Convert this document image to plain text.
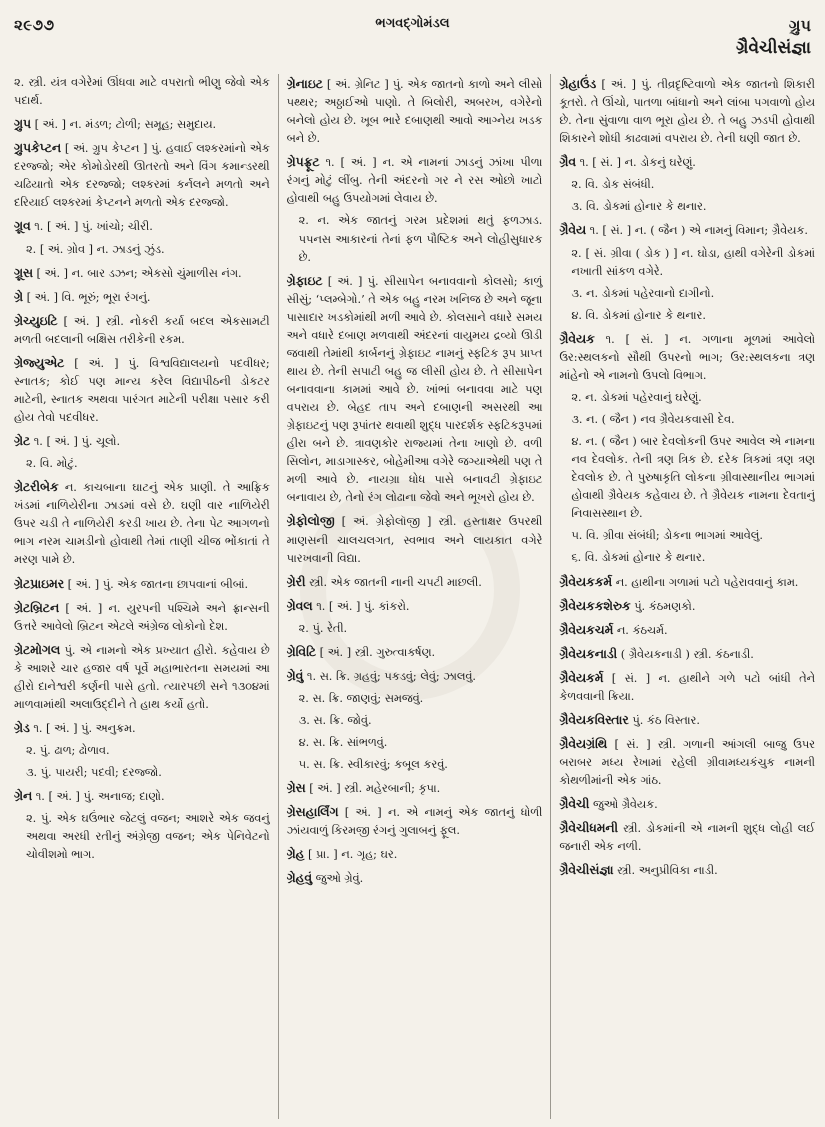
૨૯૭૭	ભગવદ્ગોમંડલ	ગ્રુપ
ગ્રૈવેચીસંજ્ઞા

૨. સ્ત્રી. યંત્ર વગેરેમાં ઊંધવા માટે વપરાતો ભીણુ જેવો એક પદાર્થ.

ગ્રુપ [ અં. ] ન. મંડળ; ટોળી; સમૂહ; સમુદાય.

ગ્રુપકેપ્ટન [ અં. ગ્રુપ કેપ્ટન ] પું. હવાઈ લશ્કરમાંનો એક દરજ્જો; એર કોમોડોરથી ઊતરતો અને વિંગ કમાન્ડરથી ચઢિયાતો એક દરજ્જો; લશ્કરમાં કર્નલને મળતો અને દરિયાઈ લશ્કરમાં કેપ્ટનને મળતો એક દરજ્જો.

ગ્રૂવ ૧. [ અં. ] પું. ખાંચો; ચીરી.

૨. [ અં. ગ્રોવ ] ન. ઝાડનું ઝુંડ.

ગ્રૂસ [ અં. ] ન. બાર ડઝન; એકસો ચુંમાળીસ નંગ.

ગ્રે [ અં. ] વિ. ભૂરું; ભૂરા રંગનું.

ગ્રેચ્યુઇટિ [ અં. ] સ્ત્રી. નોકરી કર્યા બદલ એકસામટી મળતી બદલાની બક્ષિસ તરીકેની રકમ.

ગ્રેજ્યુએટ [ અં. ] પું. વિશ્વવિદ્યાલયનો પદવીધર; સ્નાતક; કોઈ પણ માન્ય કરેલ વિદ્યાપીઠની ડોકટર માટેની, સ્નાતક અથવા પારંગત માટેની પરીક્ષા પસાર કરી હોય તેવો પદવીધર.

ગ્રેટ ૧. [ અં. ] પું. ચૂલો.

૨. વિ. મોટું.

ગ્રેટરીબેક ન. કાચબાના ઘાટનું એક પ્રાણી. તે આફ્રિક ખંડમાં નાળિયેરીના ઝાડમાં વસે છે. ઘણી વાર નાળિયેરી ઉપર ચડી તે નાળિયેરી કરડી ખાય છે. તેના પેટ આગળનો ભાગ નરમ ચામડીનો હોવાથી તેમાં તાણી ચીજ ભોંકાતાં તે મરણ પામે છે.

ગ્રેટપ્રાઇમર [ અં. ] પું. એક જાતના છાપવાનાં બીબાં.

ગ્રેટબ્રિટન [ અં. ] ન. યુરપની પશ્ચિમે અને ફ્રાન્સની ઉત્તરે આવેલો બ્રિટન એટલે અંગ્રેજ લોકોનો દેશ.

ગ્રેટમોગલ પું. એ નામનો એક પ્રખ્યાત હીરો. કહેવાય છે કે આશરે ચાર હજાર વર્ષ પૂર્વે મહાભારતના સમયમાં આ હીરો દાનેશ્વરી કર્ણની પાસે હતો. ત્યારપછી સને ૧૩૦૪માં માળવામાંથી અલાઉદ્દીને તે હાથ કર્યો હતો.

ગ્રેડ ૧. [ અં. ] પું. અનુક્રમ.

૨. પું. ઢાળ; ઢોળાવ.

૩. પું. પાયરી; પદવી; દરજ્જો.

ગ્રેન ૧. [ અં. ] પું. અનાજ; દાણો.

૨. પું. એક ઘઉંભાર જેટલું વજન; આશરે એક જવનું અથવા અરધી રતીનું અંગ્રેજી વજન; એક પેનિવેટનો ચોવીશમો ભાગ.

ગ્રેનાઇટ [ અં. ગ્રેનિટ ] પું. એક જાતનો કાળો અને લીસો પથ્થર; અઠ્ઠાઈઓ પાણો. તે બિલોરી, અબરખ, વગેરેનો બનેલો હોય છે. ખૂબ ભારે દબાણથી આવો આગ્નેય ખડક બને છે.

ગ્રેપફ્રૂટ ૧. [ અં. ] ન. એ નામનાં ઝાડનું ઝાંખા પીળા રંગનું મોટું લીંબુ. તેની અંદરનો ગર ને રસ ઓછો ખાટો હોવાથી બહુ ઉપયોગમાં લેવાય છે.

૨. ન. એક જાતનું ગરમ પ્રદેશમાં થતું ફળઝાડ. પપનસ આકારનાં તેનાં ફળ પૌષ્ટિક અને લોહીસુધારક છે.

ગ્રેફાઇટ [ અં. ] પું. સીસાપેન બનાવવાનો કોલસો; કાળું સીસું; ‘પ્લમ્બેગો.’ તે એક બહુ નરમ ખનિજ છે અને જૂના પાસાદાર ખડકોમાંથી મળી આવે છે. કોલસાને વધારે સમય અને વધારે દબાણ મળવાથી અંદરનાં વાયુમય દ્રવ્યો ઊડી જવાથી તેમાંથી કાર્બનનું ગ્રેફાઇટ નામનું સ્ફટિક રૂપ પ્રાપ્ત થાય છે. તેની સપાટી બહુ જ લીસી હોય છે. તે સીસાપેન બનાવવાના કામમાં આવે છે. ખાંભાં બનાવવા માટે પણ વપરાય છે. બેહદ તાપ અને દબાણની અસરથી આ ગ્રેફાઇટનું પણ રૂપાંતર થવાથી શુદ્ધ પારદર્શક સ્ફટિકરૂપમાં હીરા બને છે. ત્રાવણકોર રાજ્યમાં તેના ખાણો છે. વળી સિલોન, માડાગાસ્કર, બોહેમીઆ વગેરે જગ્યાએથી પણ તે મળી આવે છે. નાયગ્રા ધોધ પાસે બનાવટી ગ્રેફાઇટ બનાવાય છે, તેનો રંગ લોઢાના જેવો અને ભૂખરો હોય છે.

ગ્રેફોલોજી [ અં. ગ્રેફોલૉજી ] સ્ત્રી. હસ્તાક્ષર ઉપરથી માણસની ચાલચલગત, સ્વભાવ અને લાયકાત વગેરે પારખવાની વિદ્યા.

ગ્રેરી સ્ત્રી. એક જાતની નાની ચપટી માછલી.

ગ્રેવલ ૧. [ અં. ] પું. કાંકરો.

૨. પું. રેતી.

ગ્રેવિટિ [ અં. ] સ્ત્રી. ગુરુત્વાકર્ષણ.

ગ્રેવું ૧. સ. ક્રિ. ગ્રહવું; પકડવું; લેવું; ઝાલવું.

૨. સ. ક્રિ. જાણવું; સમજવું.

૩. સ. ક્રિ. જોવું.

૪. સ. ક્રિ. સાંભળવું.

૫. સ. ક્રિ. સ્વીકારવું; કબૂલ કરવું.

ગ્રેસ [ અં. ] સ્ત્રી. મહેરબાની; કૃપા.

ગ્રેસહાર્લિંગ [ અં. ] ન. એ નામનું એક જાતનું ધોળી ઝાંયવાળું કિરમજી રંગનું ગુલાબનું ફૂલ.

ગ્રેહ [ પ્રા. ] ન. ગૃહ; ઘર.

ગ્રેહવું જુઓ ગ્રેવું.

ગ્રેહાઉંડ [ અં. ] પું. તીવ્રદૃષ્ટિવાળો એક જાતનો શિકારી કૂતરો. તે ઊંચો, પાતળા બાંધાનો અને લાંબા પગવાળો હોય છે. તેના સુંવાળા વાળ ભૂરા હોય છે. તે બહુ ઝડપી હોવાથી શિકારને શોધી કાઢવામાં વપરાય છે. તેની ઘણી જાત છે.

ગ્રૈવ ૧. [ સં. ] ન. ડોકનું ઘરેણું.

૨. વિ. ડોક સંબંધી.

૩. વિ. ડોકમાં હોનાર કે થનાર.

ગ્રૈવેય ૧. [ સં. ] ન. ( જૈન ) એ નામનું વિમાન; ગ્રૈવેયક.

૨. [ સં. ગ્રીવા ( ડોક ) ] ન. ઘોડા, હાથી વગેરેની ડોકમાં નખાતી સાંકળ વગેરે.

૩. ન. ડોકમાં પહેરવાનો દાગીનો.

૪. વિ. ડોકમાં હોનાર કે થનાર.

ગ્રૈવેયક ૧. [ સં. ] ન. ગળાના મૂળમાં આવેલો ઉર:સ્થલકનો સૌથી ઉપરનો ભાગ; ઉર:સ્થલકના ત્રણ માંહેનો એ નામનો ઉપલો વિભાગ.

૨. ન. ડોકમાં પહેરવાનું ઘરેણું.

૩. ન. ( જૈન ) નવ ગ્રૈવેયકવાસી દેવ.

૪. ન. ( જૈન ) બાર દેવલોકની ઉપર આવેલ એ નામના નવ દેવલોક. તેની ત્રણ ત્રિક છે. દરેક ત્રિકમાં ત્રણ ત્રણ દેવલોક છે. તે પુરુષાકૃતિ લોકના ગ્રીવાસ્થાનીય ભાગમાં હોવાથી ગ્રૈવેયક કહેવાય છે. તે ગ્રૈવેયક નામના દેવતાનું નિવાસસ્થાન છે.

૫. વિ. ગ્રીવા સંબંધી; ડોકના ભાગમાં આવેલું.

૬. વિ. ડોકમાં હોનાર કે થનાર.

ગ્રૈવેયકકર્મ ન. હાથીના ગળામાં પટો પહેરાવવાનું કામ.

ગ્રૈવેયકકશેરુક પું. કંઠમણકો.

ગ્રૈવેયકચર્મ ન. કંઠચર્મ.

ગ્રૈવેયકનાડી ( ગ્રૈવેયકનાડી ) સ્ત્રી. કંઠનાડી.

ગ્રૈવેયકર્મ [ સં. ] ન. હાથીને ગળે પટો બાંધી તેને કેળવવાની ક્રિયા.

ગ્રૈવેયકવિસ્તાર પું. કંઠ વિસ્તાર.

ગ્રૈવેયગ્રંથિ [ સં. ] સ્ત્રી. ગળાની આંગલી બાજુ ઉપર બરાબર મધ્ય રેખામાં રહેલી ગ્રીવામધ્યકંચુક નામની કોથળીમાંની એક ગાંઠ.

ગ્રૈવેચી જુઓ ગ્રૈવેયક.

ગ્રૈવેચીધમની સ્ત્રી. ડોકમાંની એ નામની શુદ્ધ લોહી લઈ જનારી એક નળી.

ગ્રૈવેચીસંજ્ઞા સ્ત્રી. અનુપ્રીવિકા નાડી.
